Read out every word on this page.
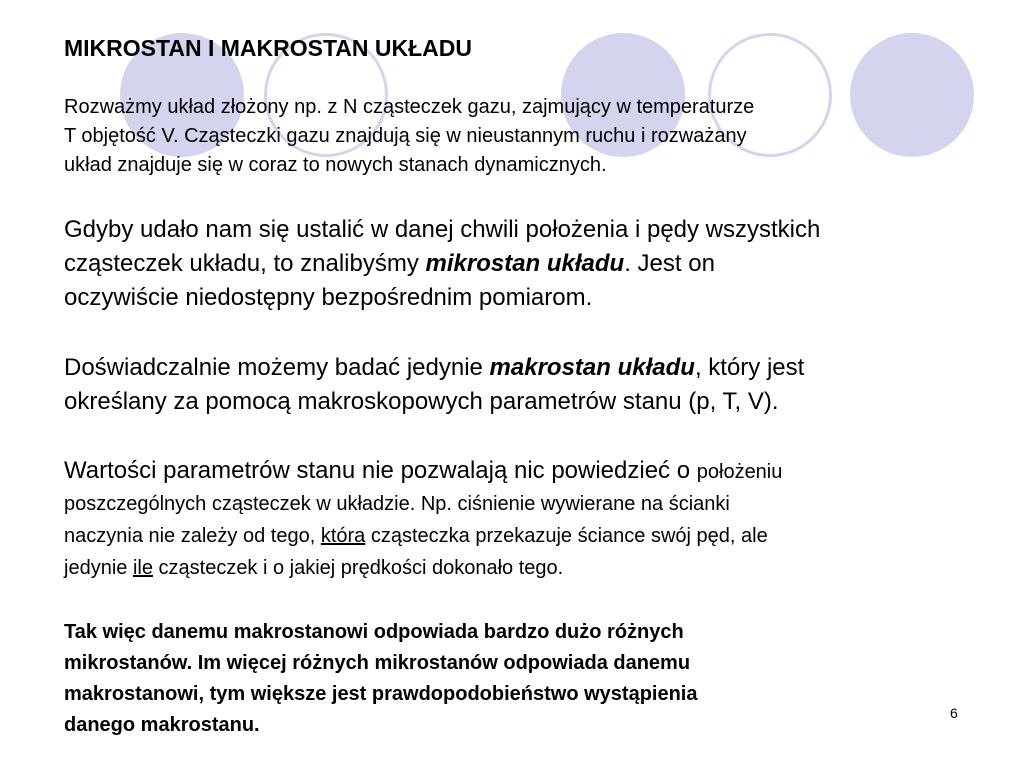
MIKROSTAN I MAKROSTAN UKŁADU
Rozważmy układ złożony np. z N cząsteczek gazu, zajmujący w temperaturze
T objętość V. Cząsteczki gazu znajdują się w nieustannym ruchu i rozważany
układ znajduje się w coraz to nowych stanach dynamicznych.
Gdyby udało nam się ustalić w danej chwili położenia i pędy wszystkich
cząsteczek układu, to znalibyśmy mikrostan układu. Jest on
oczywiście niedostępny bezpośrednim pomiarom.
Doświadczalnie możemy badać jedynie makrostan układu, który jest
określany za pomocą makroskopowych parametrów stanu (p, T, V).
Wartości parametrów stanu nie pozwalają nic powiedzieć o położeniu
poszczególnych cząsteczek w układzie. Np. ciśnienie wywierane na ścianki
naczynia nie zależy od tego, która cząsteczka przekazuje ściance swój pęd, ale
jedynie ile cząsteczek i o jakiej prędkości dokonało tego.
Tak więc danemu makrostanowi odpowiada bardzo dużo różnych
mikrostanów. Im więcej różnych mikrostanów odpowiada danemu
makrostanowi, tym większe jest prawdopodobieństwo wystąpienia
danego makrostanu.
6
